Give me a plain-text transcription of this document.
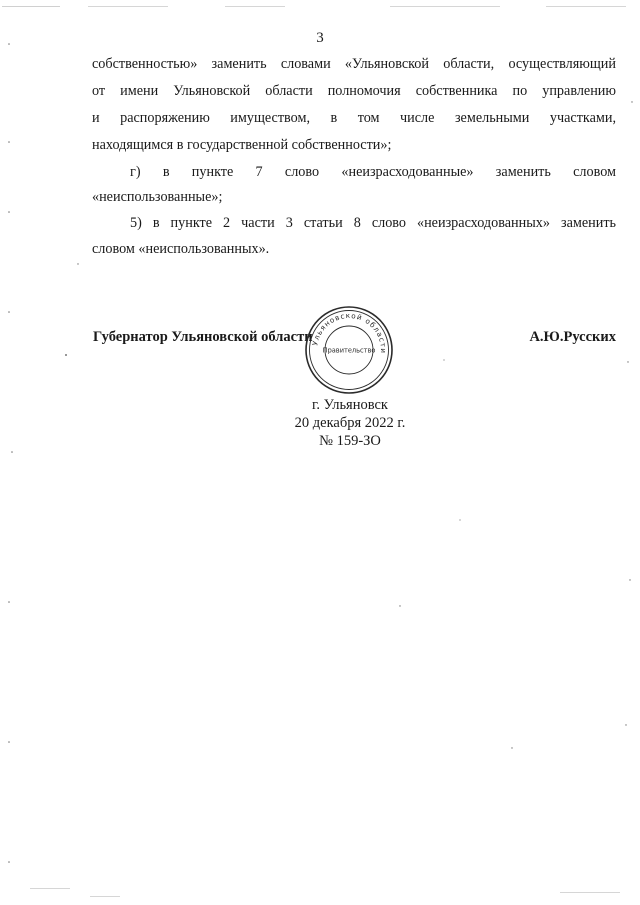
3
собственностью» заменить словами «Ульяновской области, осуществляющий
от имени Ульяновской области полномочия собственника по управлению
и распоряжению имуществом, в том числе земельными участками,
находящимся в государственной собственности»;
г) в пункте 7 слово «неизрасходованные» заменить словом
«неиспользованные»;
5) в пункте 2 части 3 статьи 8 слово «неизрасходованных» заменить
словом «неиспользованных».
Губернатор Ульяновской области	А.Ю.Русских
Ульяновской области
Правительство
г. Ульяновск
20 декабря 2022 г.
№ 159-ЗО
